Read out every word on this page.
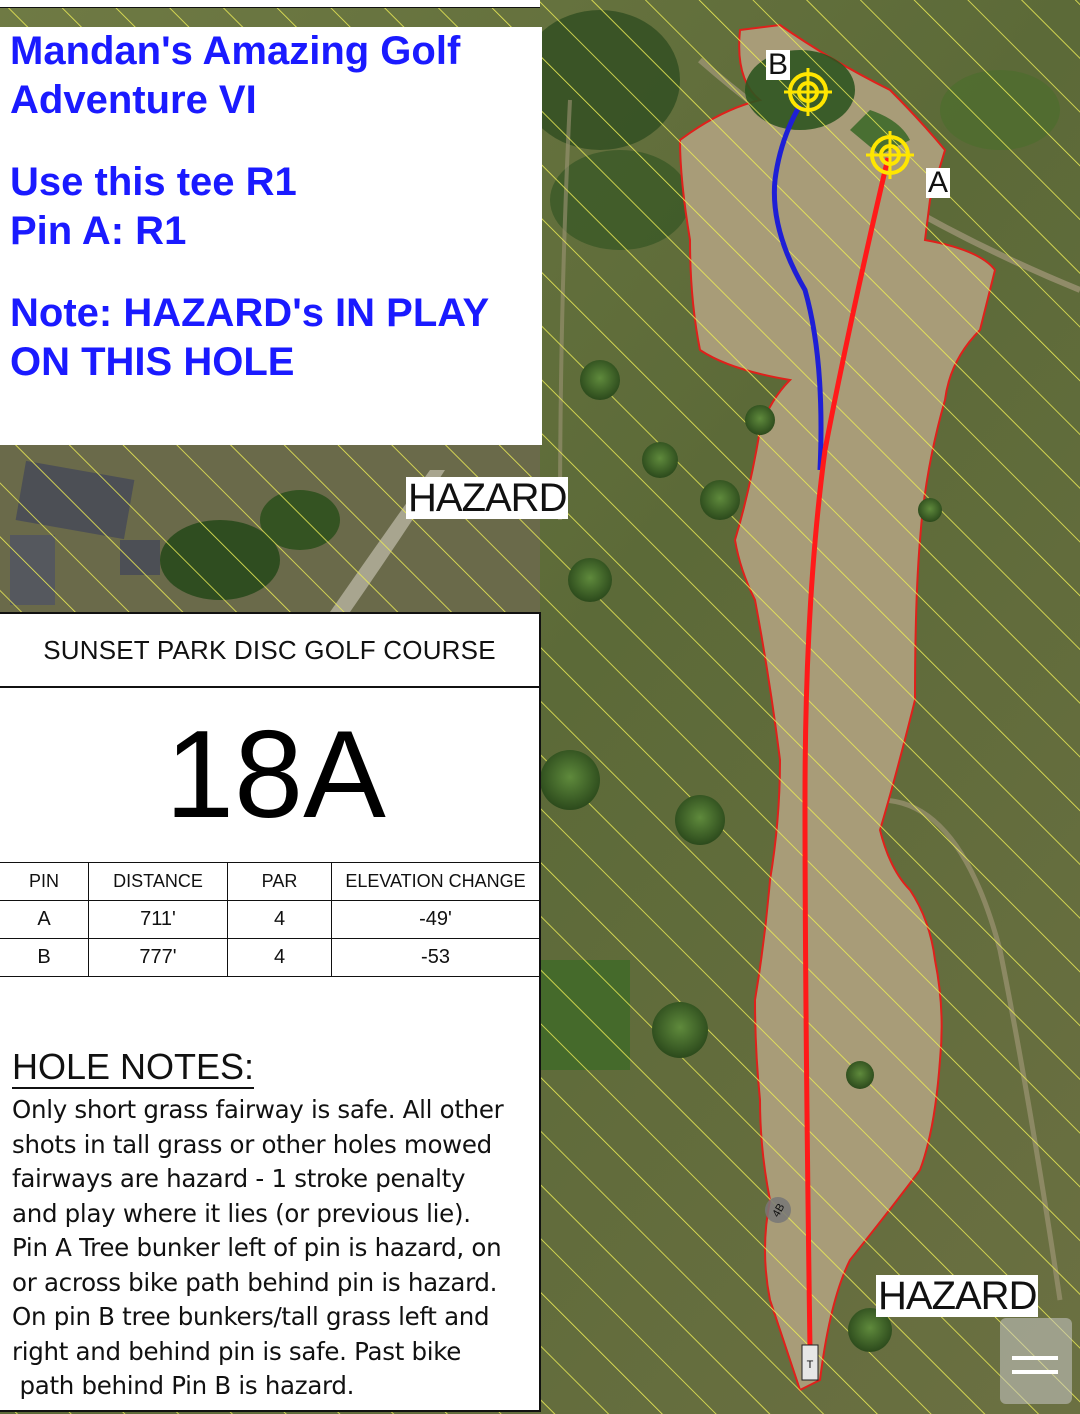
T
4B
B
A
HAZARD
HAZARD
Mandan's Amazing Golf
Adventure VI
Use this tee R1
Pin A: R1
Note: HAZARD's IN PLAY
ON THIS HOLE
SUNSET PARK DISC GOLF COURSE
18A
PIN	DISTANCE	PAR	ELEVATION CHANGE
A	711'	4	-49'
B	777'	4	-53
HOLE NOTES:
Only short grass fairway is safe. All other
shots in tall grass or other holes mowed
fairways are hazard - 1 stroke penalty
and play where it lies (or previous lie).
Pin A Tree bunker left of pin is hazard, on
or across bike path behind pin is hazard.
On pin B tree bunkers/tall grass left and
right and behind pin is safe. Past bike
path behind Pin B is hazard.
